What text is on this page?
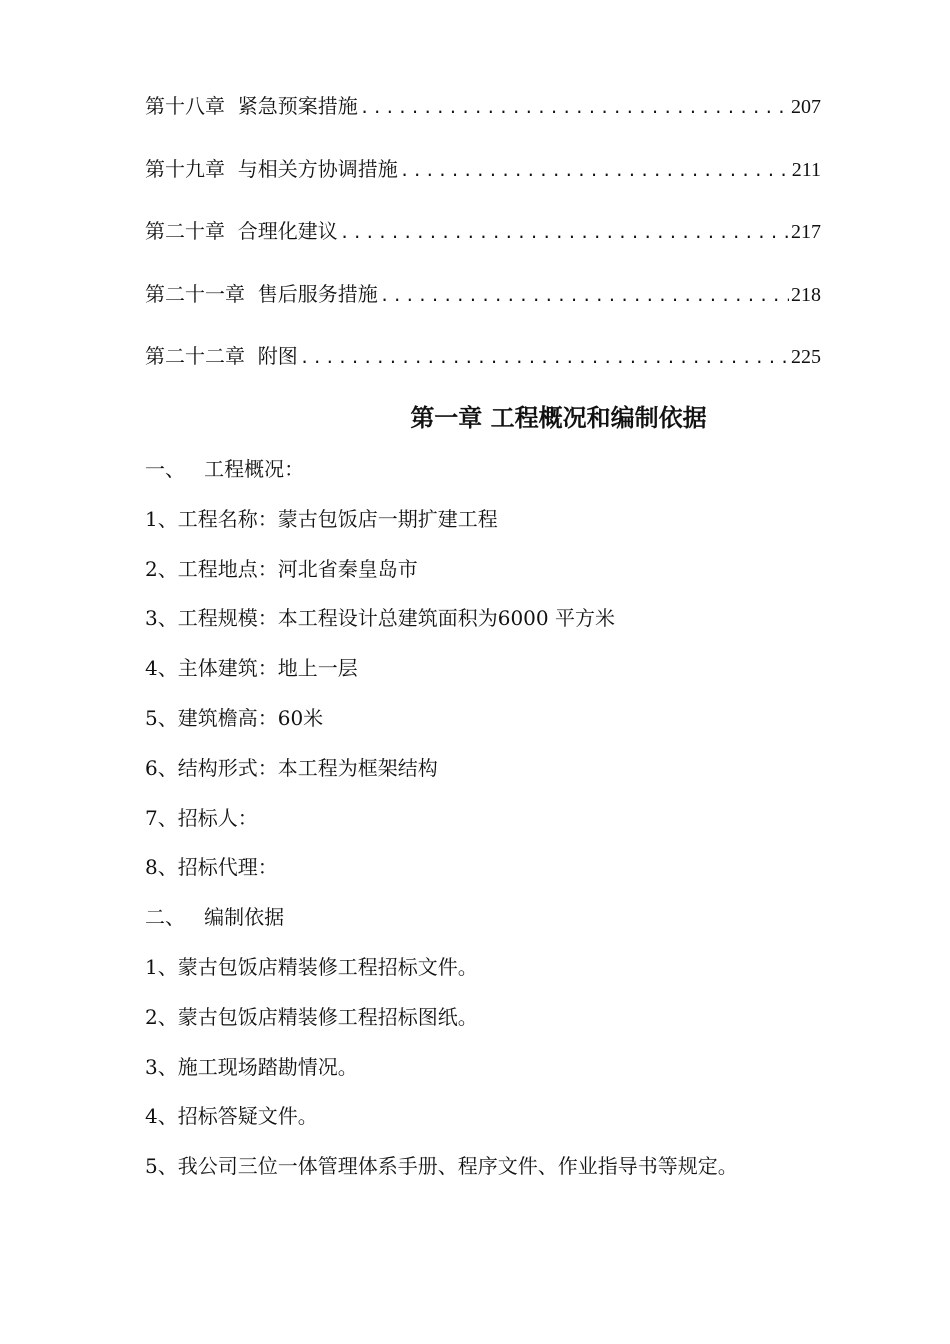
第十八章  紧急预案措施 .....	207
第十九章  与相关方协调措施 .....	211
第二十章  合理化建议 .....	217
第二十一章  售后服务措施 .....	218
第二十二章  附图 .....	225
第一章 工程概况和编制依据
一、   工程概况：
1、工程名称：蒙古包饭店一期扩建工程
2、工程地点：河北省秦皇岛市
3、工程规模：本工程设计总建筑面积为6000 平方米
4、主体建筑：地上一层
5、建筑檐高：60米
6、结构形式：本工程为框架结构
7、招标人：
8、招标代理：
二、   编制依据
1、蒙古包饭店精装修工程招标文件。
2、蒙古包饭店精装修工程招标图纸。
3、施工现场踏勘情况。
4、招标答疑文件。
5、我公司三位一体管理体系手册、程序文件、作业指导书等规定。
